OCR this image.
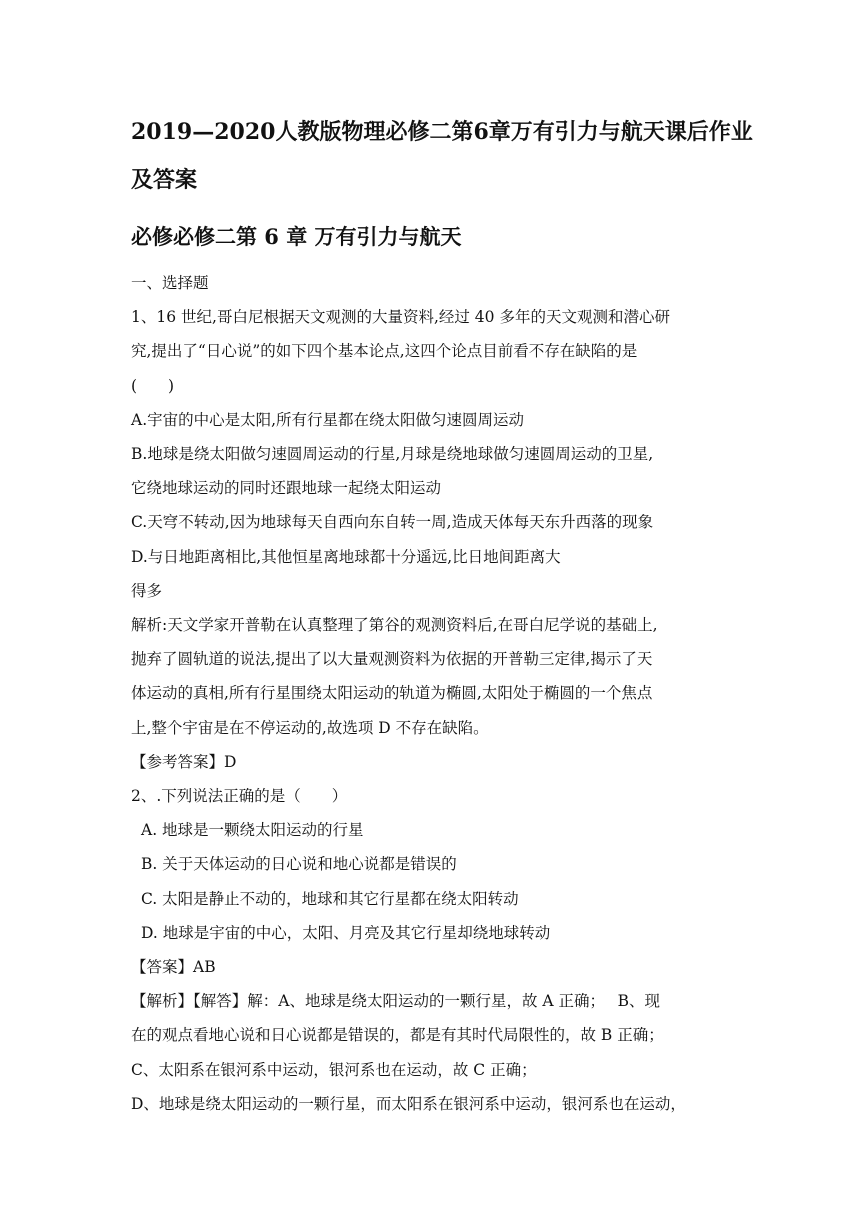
2019—2020人教版物理必修二第6章万有引力与航天课后作业及答案
必修必修二第 6 章 万有引力与航天

一、选择题

1、16 世纪,哥白尼根据天文观测的大量资料,经过 40 多年的天文观测和潜心研

究,提出了“日心说”的如下四个基本论点,这四个论点目前看不存在缺陷的是

(　　)

A.宇宙的中心是太阳,所有行星都在绕太阳做匀速圆周运动

B.地球是绕太阳做匀速圆周运动的行星,月球是绕地球做匀速圆周运动的卫星,

它绕地球运动的同时还跟地球一起绕太阳运动

C.天穹不转动,因为地球每天自西向东自转一周,造成天体每天东升西落的现象

D.与日地距离相比,其他恒星离地球都十分遥远,比日地间距离大

得多

解析:天文学家开普勒在认真整理了第谷的观测资料后,在哥白尼学说的基础上,

抛弃了圆轨道的说法,提出了以大量观测资料为依据的开普勒三定律,揭示了天

体运动的真相,所有行星围绕太阳运动的轨道为椭圆,太阳处于椭圆的一个焦点

上,整个宇宙是在不停运动的,故选项 D 不存在缺陷。

【参考答案】D

2、.下列说法正确的是（　　）

A. 地球是一颗绕太阳运动的行星

B. 关于天体运动的日心说和地心说都是错误的

C. 太阳是静止不动的，地球和其它行星都在绕太阳转动

D. 地球是宇宙的中心，太阳、月亮及其它行星却绕地球转动

【答案】AB

【解析】【解答】解：A、地球是绕太阳运动的一颗行星，故 A 正确；　 B、现

在的观点看地心说和日心说都是错误的，都是有其时代局限性的，故 B 正确；

C、太阳系在银河系中运动，银河系也在运动，故 C 正确；

D、地球是绕太阳运动的一颗行星，而太阳系在银河系中运动，银河系也在运动，
